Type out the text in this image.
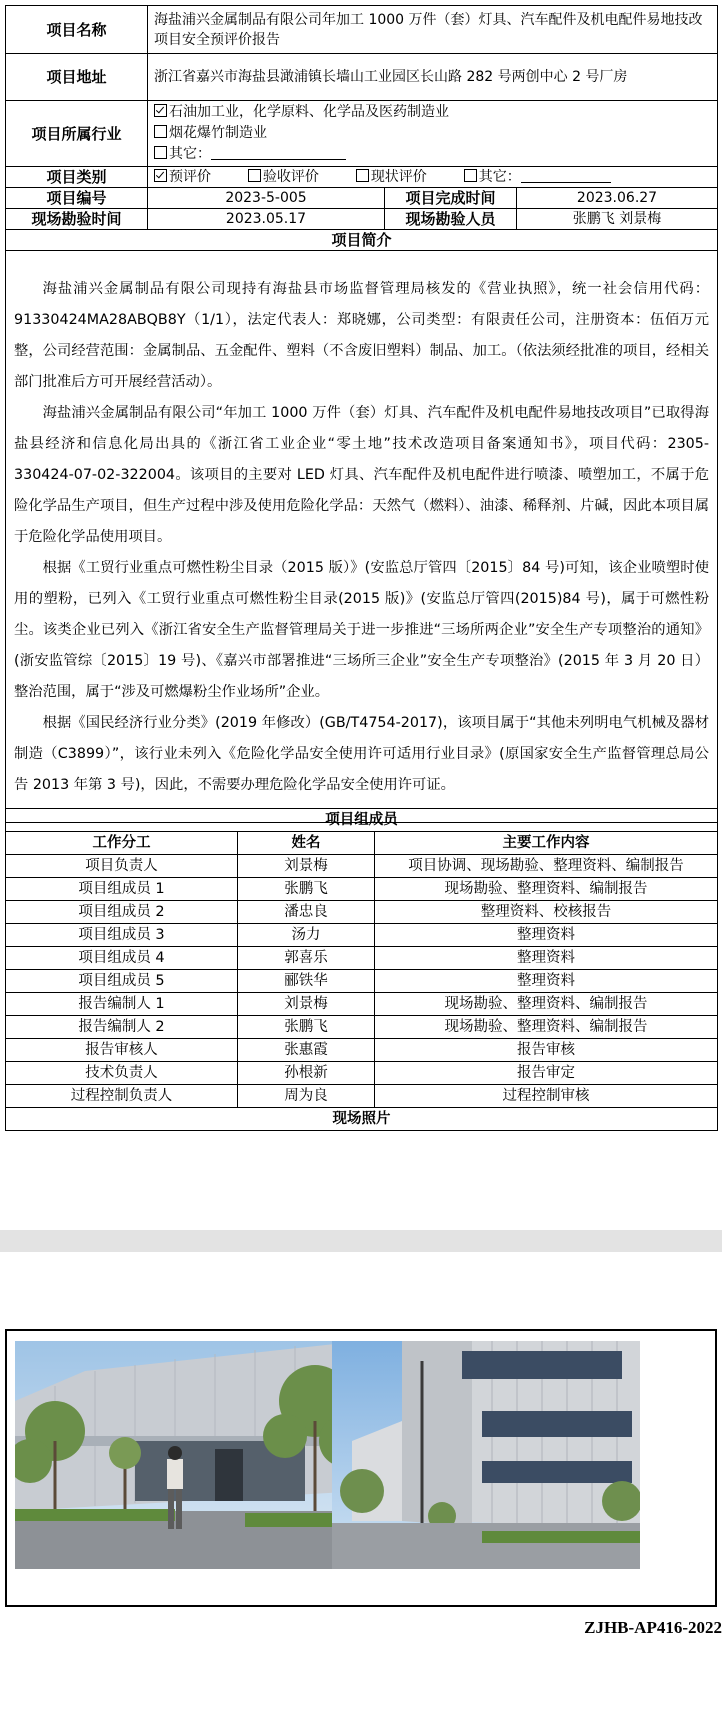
项目名称	海盐浦兴金属制品有限公司年加工 1000 万件（套）灯具、汽车配件及机电配件易地技改项目安全预评价报告		
项目地址	浙江省嘉兴市海盐县澉浦镇长墙山工业园区长山路 282 号两创中心 2 号厂房		
项目所属行业	石油加工业，化学原料、化学品及医药制造业
烟花爆竹制造业
其它：		

项目类别	预评价 验收评价 现状评价 其它：		
项目编号	2023-5-005	项目完成时间	2023.06.27
现场勘验时间	2023.05.17	现场勘验人员	张鹏飞 刘景梅
项目简介			

海盐浦兴金属制品有限公司现持有海盐县市场监督管理局核发的《营业执照》，统一社会信用代码：91330424MA28ABQB8Y（1/1），法定代表人：郑晓娜，公司类型：有限责任公司，注册资本：伍佰万元整，公司经营范围：金属制品、五金配件、塑料（不含废旧塑料）制品、加工。（依法须经批准的项目，经相关部门批准后方可开展经营活动）。

海盐浦兴金属制品有限公司“年加工 1000 万件（套）灯具、汽车配件及机电配件易地技改项目”已取得海盐县经济和信息化局出具的《浙江省工业企业“零土地”技术改造项目备案通知书》，项目代码：2305-330424-07-02-322004。该项目的主要对 LED 灯具、汽车配件及机电配件进行喷漆、喷塑加工，不属于危险化学品生产项目，但生产过程中涉及使用危险化学品：天然气（燃料）、油漆、稀释剂、片碱，因此本项目属于危险化学品使用项目。

根据《工贸行业重点可燃性粉尘目录（2015 版）》(安监总厅管四〔2015〕84 号)可知，该企业喷塑时使用的塑粉，已列入《工贸行业重点可燃性粉尘目录(2015 版)》(安监总厅管四(2015)84 号)，属于可燃性粉尘。该类企业已列入《浙江省安全生产监督管理局关于进一步推进“三场所两企业”安全生产专项整治的通知》(浙安监管综〔2015〕19 号)、《嘉兴市部署推进“三场所三企业”安全生产专项整治》(2015 年 3 月 20 日）整治范围，属于“涉及可燃爆粉尘作业场所”企业。

根据《国民经济行业分类》(2019 年修改）(GB/T4754-2017)，该项目属于“其他未列明电气机械及器材制造（C3899）”，该行业未列入《危险化学品安全使用许可适用行业目录》(原国家安全生产监督管理总局公告 2013 年第 3 号)，因此，不需要办理危险化学品安全使用许可证。			

项目组成员		
工作分工	姓名	主要工作内容
项目负责人	刘景梅	项目协调、现场勘验、整理资料、编制报告
项目组成员 1	张鹏飞	现场勘验、整理资料、编制报告
项目组成员 2	潘忠良	整理资料、校核报告
项目组成员 3	汤力	整理资料
项目组成员 4	郭喜乐	整理资料
项目组成员 5	郦铁华	整理资料
报告编制人 1	刘景梅	现场勘验、整理资料、编制报告
报告编制人 2	张鹏飞	现场勘验、整理资料、编制报告
报告审核人	张惠霞	报告审核
技术负责人	孙根新	报告审定
过程控制负责人	周为良	过程控制审核
现场照片		
ZJHB-AP416-2022
